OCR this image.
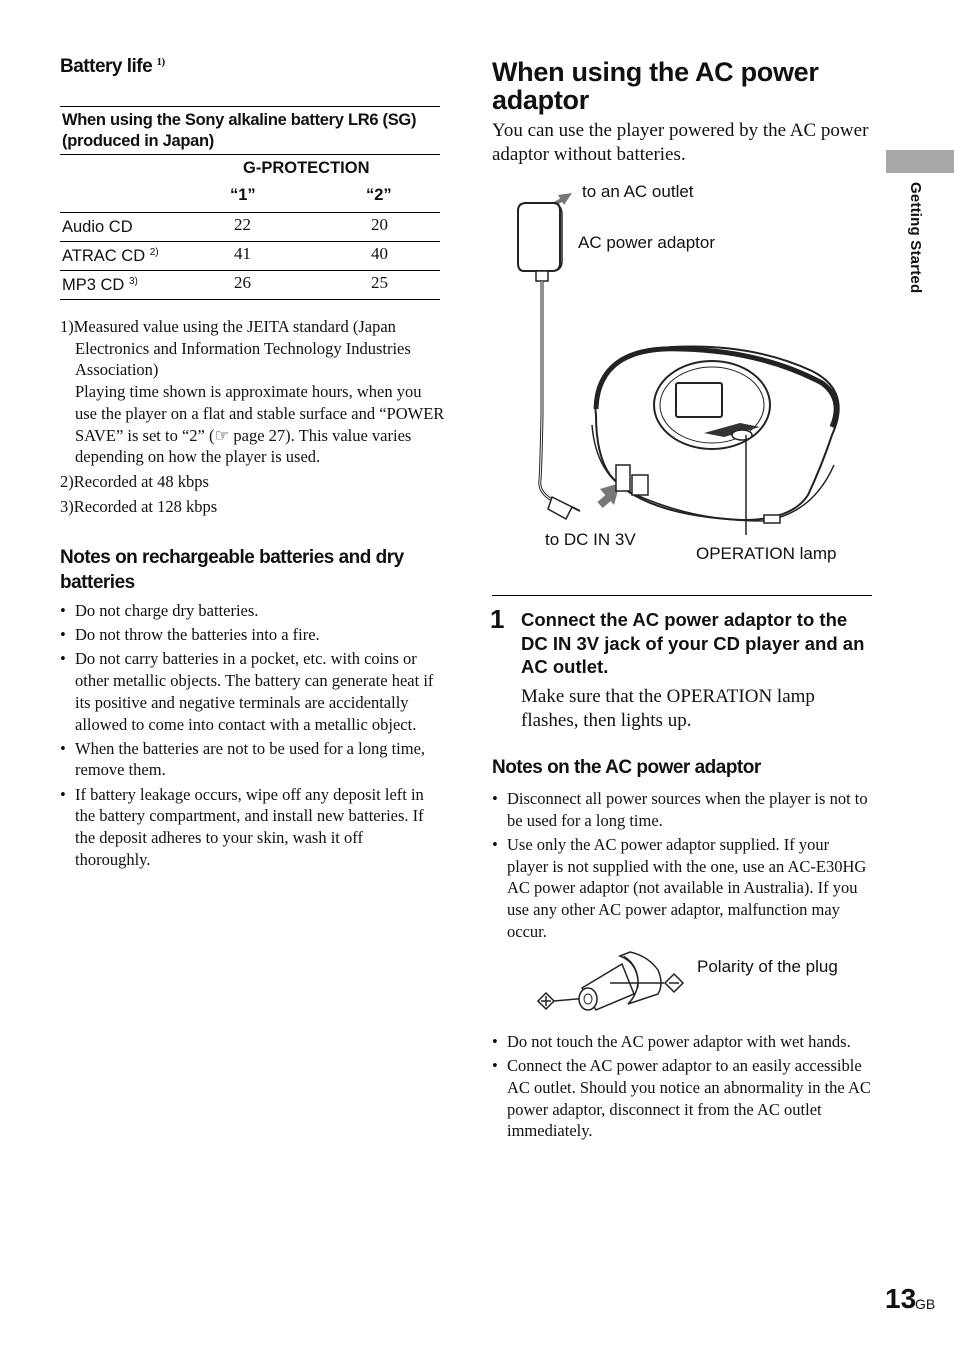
Battery life $^{1)}$
When using the Sony alkaline battery LR6 (SG) (produced in Japan)
G-PROTECTION
“1”	“2”
Audio CD	22	20
ATRAC CD $^{2)}$	41	40
MP3 CD $^{3)}$	26	25
1)Measured value using the JEITA standard (Japan Electronics and Information Technology Industries Association)
Playing time shown is approximate hours, when you use the player on a flat and stable surface and “POWER SAVE” is set to “2” (☞ page 27). This value varies depending on how the player is used.
2)Recorded at 48 kbps
3)Recorded at 128 kbps
Notes on rechargeable batteries and dry batteries
• Do not charge dry batteries.
• Do not throw the batteries into a fire.
• Do not carry batteries in a pocket, etc. with coins or other metallic objects. The battery can generate heat if its positive and negative terminals are accidentally allowed to come into contact with a metallic object.
• When the batteries are not to be used for a long time, remove them.
• If battery leakage occurs, wipe off any deposit left in the battery compartment, and install new batteries. If the deposit adheres to your skin, wash it off thoroughly.
When using the AC power adaptor
You can use the player powered by the AC power adaptor without batteries.
to an AC outlet
AC power adaptor
to DC IN 3V
OPERATION lamp
1 Connect the AC power adaptor to the DC IN 3V jack of your CD player and an AC outlet.
Make sure that the OPERATION lamp flashes, then lights up.
Notes on the AC power adaptor
• Disconnect all power sources when the player is not to be used for a long time.
• Use only the AC power adaptor supplied. If your player is not supplied with the one, use an AC-E30HG AC power adaptor (not available in Australia). If you use any other AC power adaptor, malfunction may occur.
Polarity of the plug
• Do not touch the AC power adaptor with wet hands.
• Connect the AC power adaptor to an easily accessible AC outlet. Should you notice an abnormality in the AC power adaptor, disconnect it from the AC outlet immediately.
Getting Started
13
GB
